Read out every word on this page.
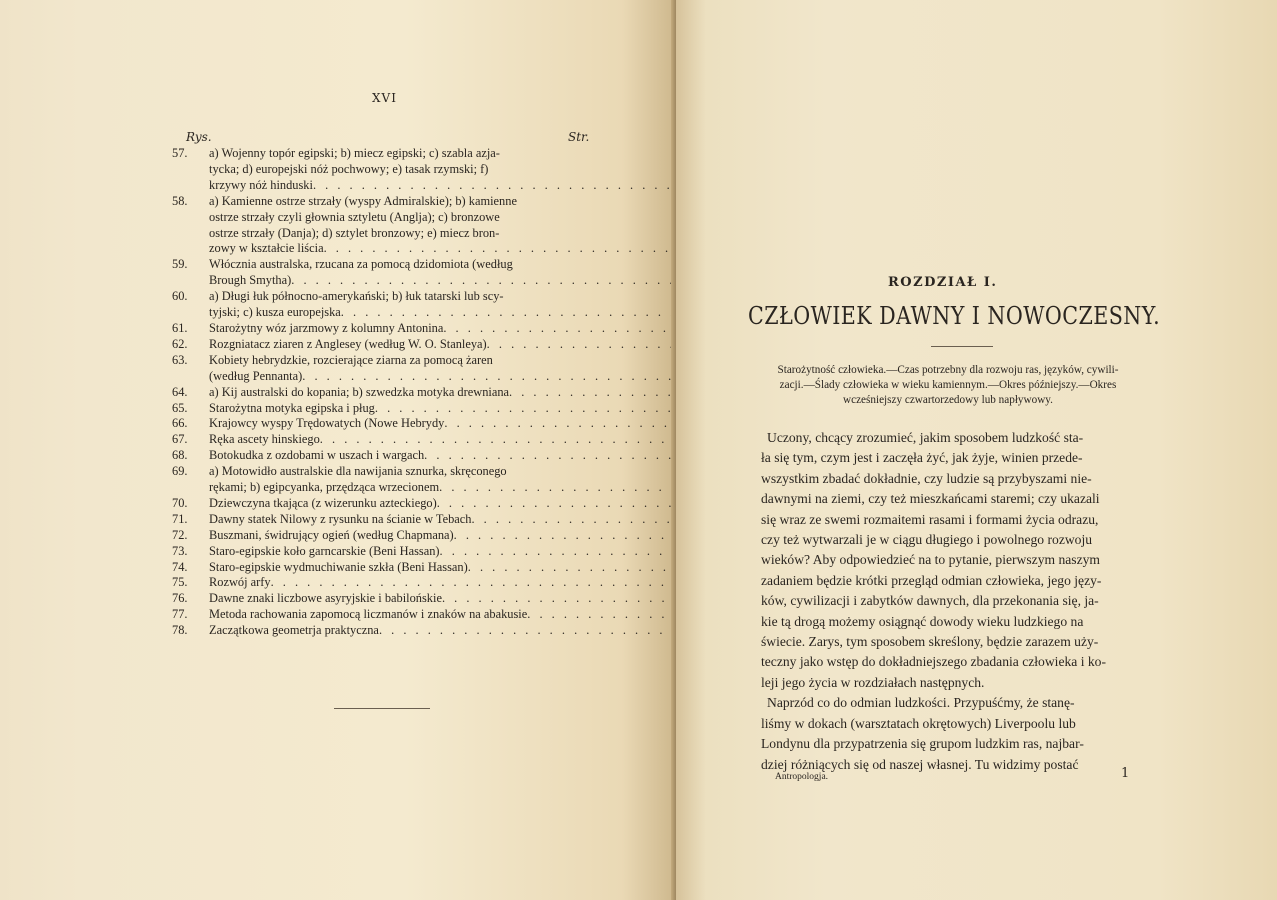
XVI
Rys.	Str.
57.	a) Wojenny topór egipski; b) miecz egipski; c) szabla azja-
tycka; d) europejski nóż pochwowy; e) tasak rzymski; f)
krzywy nóż hinduski
. . .
58.	a) Kamienne ostrze strzały (wyspy Admiralskie); b) kamienne
ostrze strzały czyli głownia sztyletu (Anglja); c) bronzowe
ostrze strzały (Danja); d) sztylet bronzowy; e) miecz bron-
zowy w kształcie liścia
. . .
59.	Włócznia australska, rzucana za pomocą dzidomiota (według
Brough Smytha)
. . .
60.	a) Długi łuk północno-amerykański; b) łuk tatarski lub scy-
tyjski; c) kusza europejska
. . .
61.	Starożytny wóz jarzmowy z kolumny Antonina
. . .
62.	Rozgniatacz ziaren z Anglesey (według W. O. Stanleya)
. . .
63.	Kobiety hebrydzkie, rozcierające ziarna za pomocą żaren
(według Pennanta)
. . .
64.	a) Kij australski do kopania; b) szwedzka motyka drewniana
. . .
65.	Starożytna motyka egipska i pług
. . .
66.	Krajowcy wyspy Trędowatych (Nowe Hebrydy
. . .
67.	Ręka ascety hinskiego
. . .
68.	Botokudka z ozdobami w uszach i wargach
. . .
69.	a) Motowidło australskie dla nawijania sznurka, skręconego
rękami; b) egipcyanka, przędząca wrzecionem
. . .
70.	Dziewczyna tkająca (z wizerunku azteckiego)
. . .
71.	Dawny statek Nilowy z rysunku na ścianie w Tebach
. . .
72.	Buszmani, świdrujący ogień (według Chapmana)
. . .
73.	Staro-egipskie koło garncarskie (Beni Hassan)
. . .
74.	Staro-egipskie wydmuchiwanie szkła (Beni Hassan)
. . .
75.	Rozwój arfy
. . .
76.	Dawne znaki liczbowe asyryjskie i babilońskie
. . .
77.	Metoda rachowania zapomocą liczmanów i znaków na abakusie
. . .
78.	Zaczątkowa geometrja praktyczna
. . .
ROZDZIAŁ I.
CZŁOWIEK DAWNY I NOWOCZESNY.
Starożytność człowieka.—Czas potrzebny dla rozwoju ras, języków, cywili-
zacji.—Ślady człowieka w wieku kamiennym.—Okres późniejszy.—Okres
wcześniejszy czwartorzedowy lub napływowy.
Uczony, chcący zrozumieć, jakim sposobem ludzkość sta-
ła się tym, czym jest i zaczęła żyć, jak żyje, winien przede-
wszystkim zbadać dokładnie, czy ludzie są przybyszami nie-
dawnymi na ziemi, czy też mieszkańcami staremi; czy ukazali
się wraz ze swemi rozmaitemi rasami i formami życia odrazu,
czy też wytwarzali je w ciągu długiego i powolnego rozwoju
wieków? Aby odpowiedzieć na to pytanie, pierwszym naszym
zadaniem będzie krótki przegląd odmian człowieka, jego języ-
ków, cywilizacji i zabytków dawnych, dla przekonania się, ja-
kie tą drogą możemy osiągnąć dowody wieku ludzkiego na
świecie. Zarys, tym sposobem skreślony, będzie zarazem uży-
teczny jako wstęp do dokładniejszego zbadania człowieka i ko-
leji jego życia w rozdziałach następnych.
Naprzód co do odmian ludzkości. Przypuśćmy, że stanę-
liśmy w dokach (warsztatach okrętowych) Liverpoolu lub
Londynu dla przypatrzenia się grupom ludzkim ras, najbar-
dziej różniących się od naszej własnej. Tu widzimy postać
Antropologja.	1
